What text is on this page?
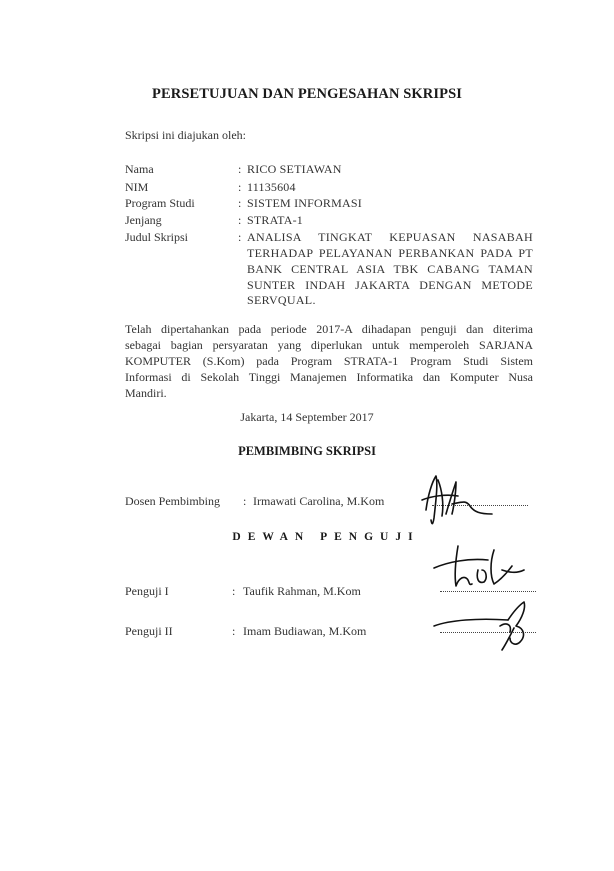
PERSETUJUAN DAN PENGESAHAN SKRIPSI
Skripsi ini diajukan oleh:
Nama	: RICO SETIAWAN
NIM	: 11135604
Program Studi	: SISTEM INFORMASI
Jenjang	: STRATA-1
Judul Skripsi	: ANALISA TINGKAT KEPUASAN NASABAH
TERHADAP PELAYANAN PERBANKAN PADA PT
BANK CENTRAL ASIA TBK CABANG TAMAN
SUNTER INDAH JAKARTA DENGAN METODE
SERVQUAL.
Telah dipertahankan pada periode 2017-A dihadapan penguji dan diterima
sebagai bagian persyaratan yang diperlukan untuk memperoleh SARJANA
KOMPUTER (S.Kom) pada Program STRATA-1 Program Studi Sistem
Informasi di Sekolah Tinggi Manajemen Informatika dan Komputer Nusa
Mandiri.
Jakarta, 14 September 2017
PEMBIMBING SKRIPSI
Dosen Pembimbing : Irmawati Carolina, M.Kom
DEWAN PENGUJI
Penguji I	: Taufik Rahman, M.Kom
Penguji II	: Imam Budiawan, M.Kom
